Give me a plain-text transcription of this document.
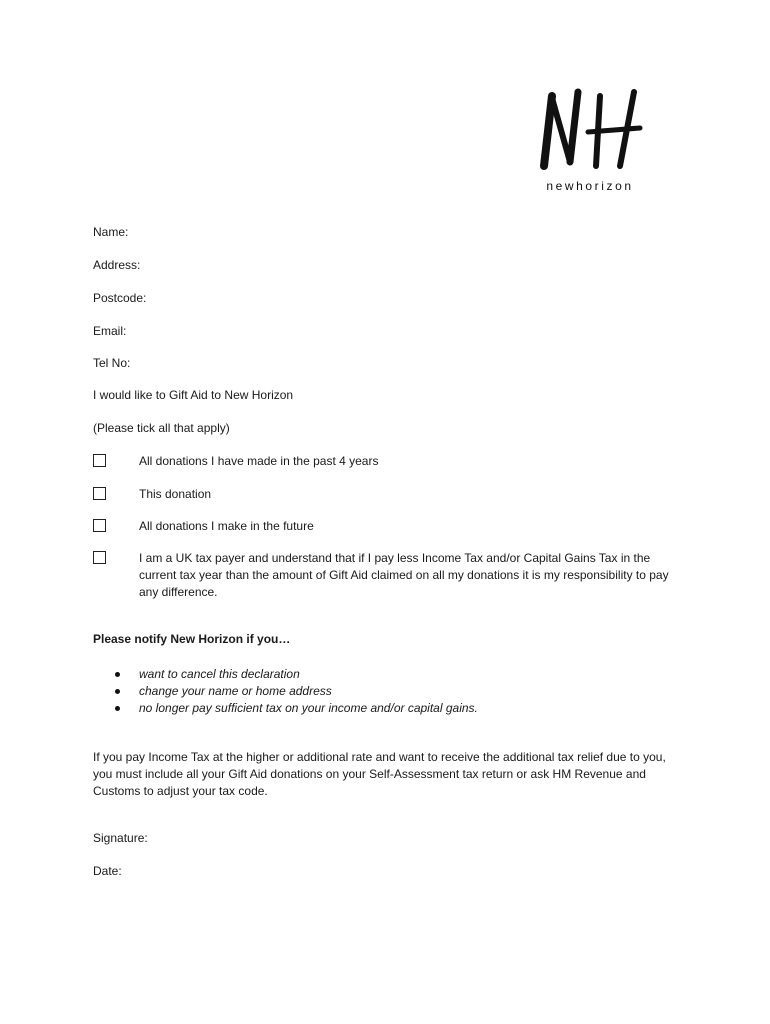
newhorizon
Name:
Address:
Postcode:
Email:
Tel No:
I would like to Gift Aid to New Horizon
(Please tick all that apply)
All donations I have made in the past 4 years
This donation
All donations I make in the future
I am a UK tax payer and understand that if I pay less Income Tax and/or Capital Gains Tax in the current tax year than the amount of Gift Aid claimed on all my donations it is my responsibility to pay any difference.
Please notify New Horizon if you…
want to cancel this declaration
change your name or home address
no longer pay sufficient tax on your income and/or capital gains.
If you pay Income Tax at the higher or additional rate and want to receive the additional tax relief due to you, you must include all your Gift Aid donations on your Self-Assessment tax return or ask HM Revenue and Customs to adjust your tax code.
Signature:
Date:
